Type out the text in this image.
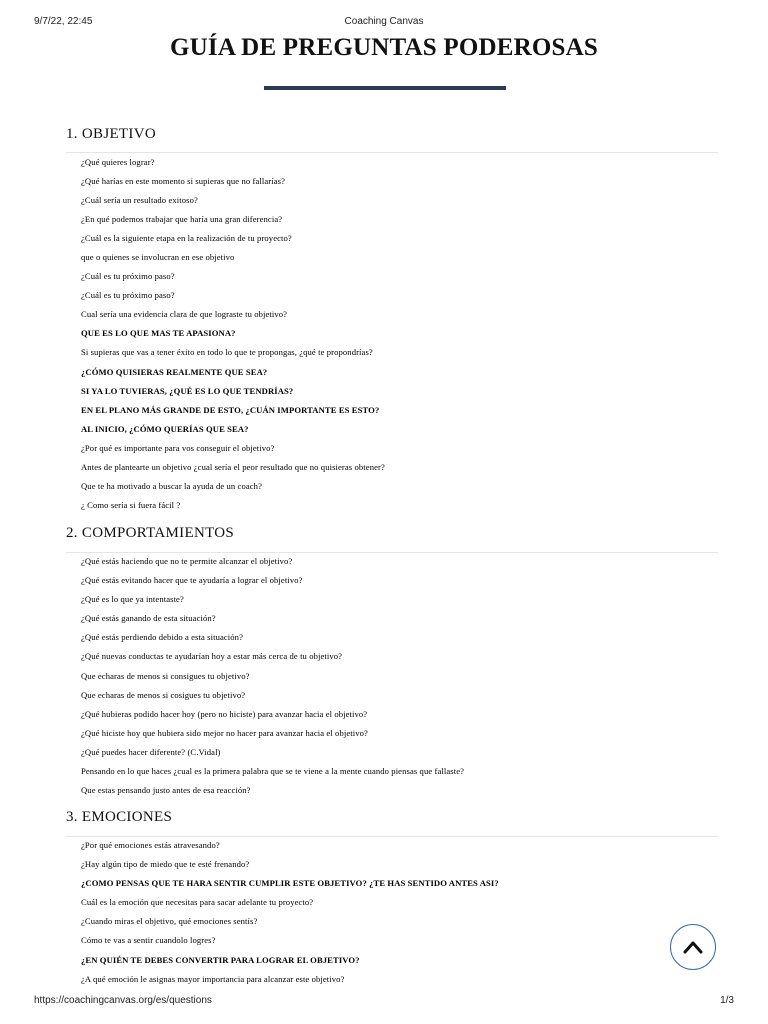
9/7/22, 22:45	Coaching Canvas
GUÍA DE PREGUNTAS PODEROSAS
1. OBJETIVO
¿Qué quieres lograr?
¿Qué harías en este momento si supieras que no fallarías?
¿Cuál sería un resultado exitoso?
¿En qué podemos trabajar que haría una gran diferencia?
¿Cuál es la siguiente etapa en la realización de tu proyecto?
que o quienes se involucran en ese objetivo
¿Cuál es tu próximo paso?
¿Cuál es tu próximo paso?
Cual sería una evidencia clara de que lograste tu objetivo?
QUE ES LO QUE MAS TE APASIONA?
Si supieras que vas a tener éxito en todo lo que te propongas, ¿qué te propondrías?
¿CÓMO QUISIERAS REALMENTE QUE SEA?
SI YA LO TUVIERAS, ¿QUÉ ES LO QUE TENDRÍAS?
EN EL PLANO MÁS GRANDE DE ESTO, ¿CUÁN IMPORTANTE ES ESTO?
AL INICIO, ¿CÓMO QUERÍAS QUE SEA?
¿Por qué es importante para vos conseguir el objetivo?
Antes de plantearte un objetivo ¿cual sería el peor resultado que no quisieras obtener?
Que te ha motivado a buscar la ayuda de un coach?
¿ Como sería si fuera fácil ?
2. COMPORTAMIENTOS
¿Qué estás haciendo que no te permite alcanzar el objetivo?
¿Qué estás evitando hacer que te ayudaría a lograr el objetivo?
¿Qué es lo que ya intentaste?
¿Qué estás ganando de esta situación?
¿Qué estás perdiendo debido a esta situación?
¿Qué nuevas conductas te ayudarían hoy a estar más cerca de tu objetivo?
Que echaras de menos si consigues tu objetivo?
Que echaras de menos si cosigues tu objetivo?
¿Qué hubieras podido hacer hoy (pero no hiciste) para avanzar hacia el objetivo?
¿Qué hiciste hoy que hubiera sido mejor no hacer para avanzar hacia el objetivo?
¿Qué puedes hacer diferente? (C.Vidal)
Pensando en lo que haces ¿cual es la primera palabra que se te viene a la mente cuando piensas que fallaste?
Que estas pensando justo antes de esa reacción?
3. EMOCIONES
¿Por qué emociones estás atravesando?
¿Hay algún tipo de miedo que te esté frenando?
¿COMO PENSAS QUE TE HARA SENTIR CUMPLIR ESTE OBJETIVO? ¿TE HAS SENTIDO ANTES ASI?
Cuál es la emoción que necesitas para sacar adelante tu proyecto?
¿Cuando miras el objetivo, qué emociones sentís?
Cómo te vas a sentir cuandolo logres?
¿EN QUIÉN TE DEBES CONVERTIR PARA LOGRAR EL OBJETIVO?
¿A qué emoción le asignas mayor importancia para alcanzar este objetivo?
https://coachingcanvas.org/es/questions	1/3
